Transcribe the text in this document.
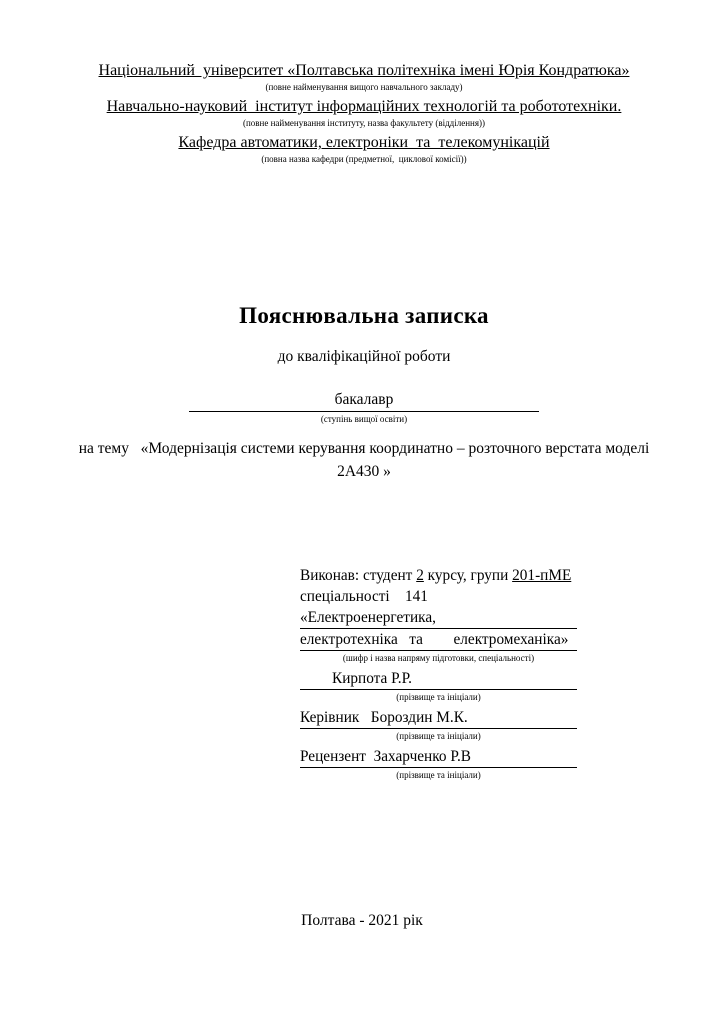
Національний  університет «Полтавська політехніка імені Юрія Кондратюка»
(повне найменування вищого навчального закладу)
Навчально-науковий  інститут інформаційних технологій та робототехніки.
(повне найменування інституту, назва факультету (відділення))
Кафедра автоматики, електроніки  та  телекомунікацій
(повна назва кафедри (предметної,  циклової комісії))
Пояснювальна записка
до кваліфікаційної роботи
бакалавр
(ступінь вищої освіти)
на тему   «Модернізація системи керування координатно – розточного верстата моделі 2А430 »
Виконав: студент 2 курсу, групи 201-пМЕ
спеціальності    141    «Електроенергетика,
електротехніка   та        електромеханіка»
(шифр і назва напряму підготовки, спеціальності)
Кирпота Р.Р.
(прізвище та ініціали)
Керівник   Бороздин М.К.
(прізвище та ініціали)
Рецензент  Захарченко Р.В
(прізвище та ініціали)
Полтава - 2021 рік
